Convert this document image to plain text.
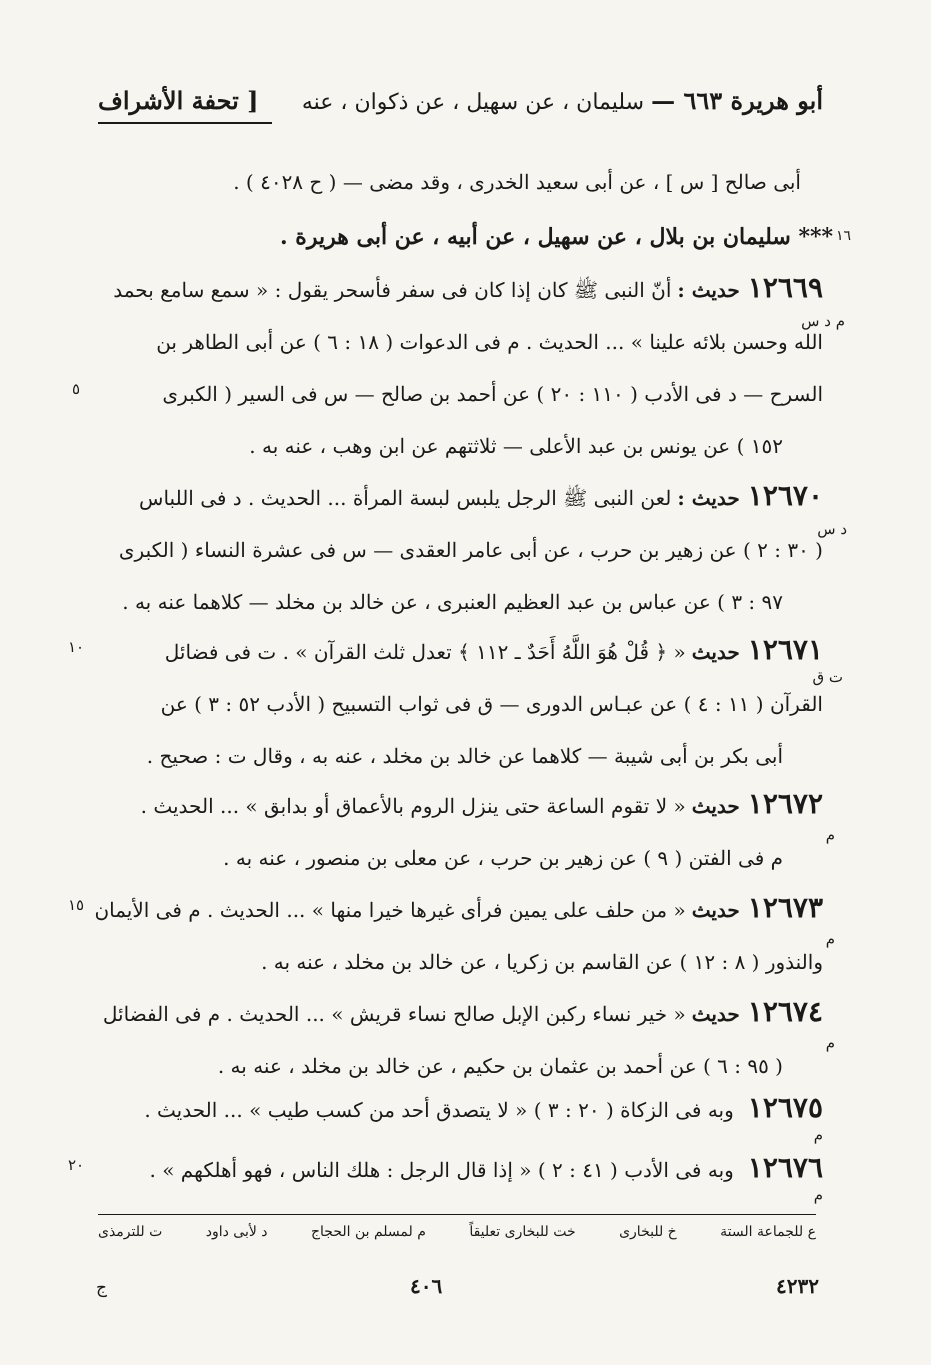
[ تحفة الأشراف	أبو هريرة ٦٦٣ — سليمان ، عن سهيل ، عن ذكوان ، عنه
أبى صالح [ س ] ، عن أبى سعيد الخدرى ، وقد مضى — ( ح ٤٠٢٨ ) .
١٦
*** سليمان بن بلال ، عن سهيل ، عن أبيه ، عن أبى هريرة .
١٢٦٦٩حديث :أنّ النبى ﷺ كان إذا كان فى سفر فأسحر يقول : « سمع سامع بحمد
الله وحسن بلائه علينا » ... الحديث . م فى الدعوات ( ١٨ : ٦ ) عن أبى الطاهر بن
السرح — د فى الأدب ( ١١٠ : ٢٠ ) عن أحمد بن صالح — س فى السير ( الكبرى
١٥٢ ) عن يونس بن عبد الأعلى — ثلاثتهم عن ابن وهب ، عنه به .
م د س
٥
١٢٦٧٠حديث :لعن النبى ﷺ الرجل يلبس لبسة المرأة ... الحديث . د فى اللباس
( ٣٠ : ٢ ) عن زهير بن حرب ، عن أبى عامر العقدى — س فى عشرة النساء ( الكبرى
٩٧ : ٣ ) عن عباس بن عبد العظيم العنبرى ، عن خالد بن مخلد — كلاهما عنه به .
د س
١٢٦٧١حديث« ﴿ قُلْ هُوَ اللَّهُ أَحَدٌ ـ ١١٢ ﴾ تعدل ثلث القرآن » . ت فى فضائل
القرآن ( ١١ : ٤ ) عن عبـاس الدورى — ق فى ثواب التسبيح ( الأدب ٥٢ : ٣ ) عن
أبى بكر بن أبى شيبة — كلاهما عن خالد بن مخلد ، عنه به ، وقال ت : صحيح .
ت ق
١٠
١٢٦٧٢حديث« لا تقوم الساعة حتى ينزل الروم بالأعماق أو بدابق » ... الحديث .
م فى الفتن ( ٩ ) عن زهير بن حرب ، عن معلى بن منصور ، عنه به .
م
١٢٦٧٣حديث« من حلف على يمين فرأى غيرها خيرا منها » ... الحديث . م فى الأيمان
والنذور ( ٨ : ١٢ ) عن القاسم بن زكريا ، عن خالد بن مخلد ، عنه به .
م
١٥
١٢٦٧٤حديث« خير نساء ركبن الإبل صالح نساء قريش » ... الحديث . م فى الفضائل
( ٩٥ : ٦ ) عن أحمد بن عثمان بن حكيم ، عن خالد بن مخلد ، عنه به .
م
١٢٦٧٥وبه فى الزكاة ( ٢٠ : ٣ ) « لا يتصدق أحد من كسب طيب » ... الحديث .
م
١٢٦٧٦وبه فى الأدب ( ٤١ : ٢ ) « إذا قال الرجل : هلك الناس ، فهو أهلكهم » .
م
٢٠
ع للجماعة الستة
خ للبخارى
خت للبخارى تعليقاً
م لمسلم بن الحجاج
د لأبى داود
ت للترمذى
ج	٤٠٦	٤٢٣٢
